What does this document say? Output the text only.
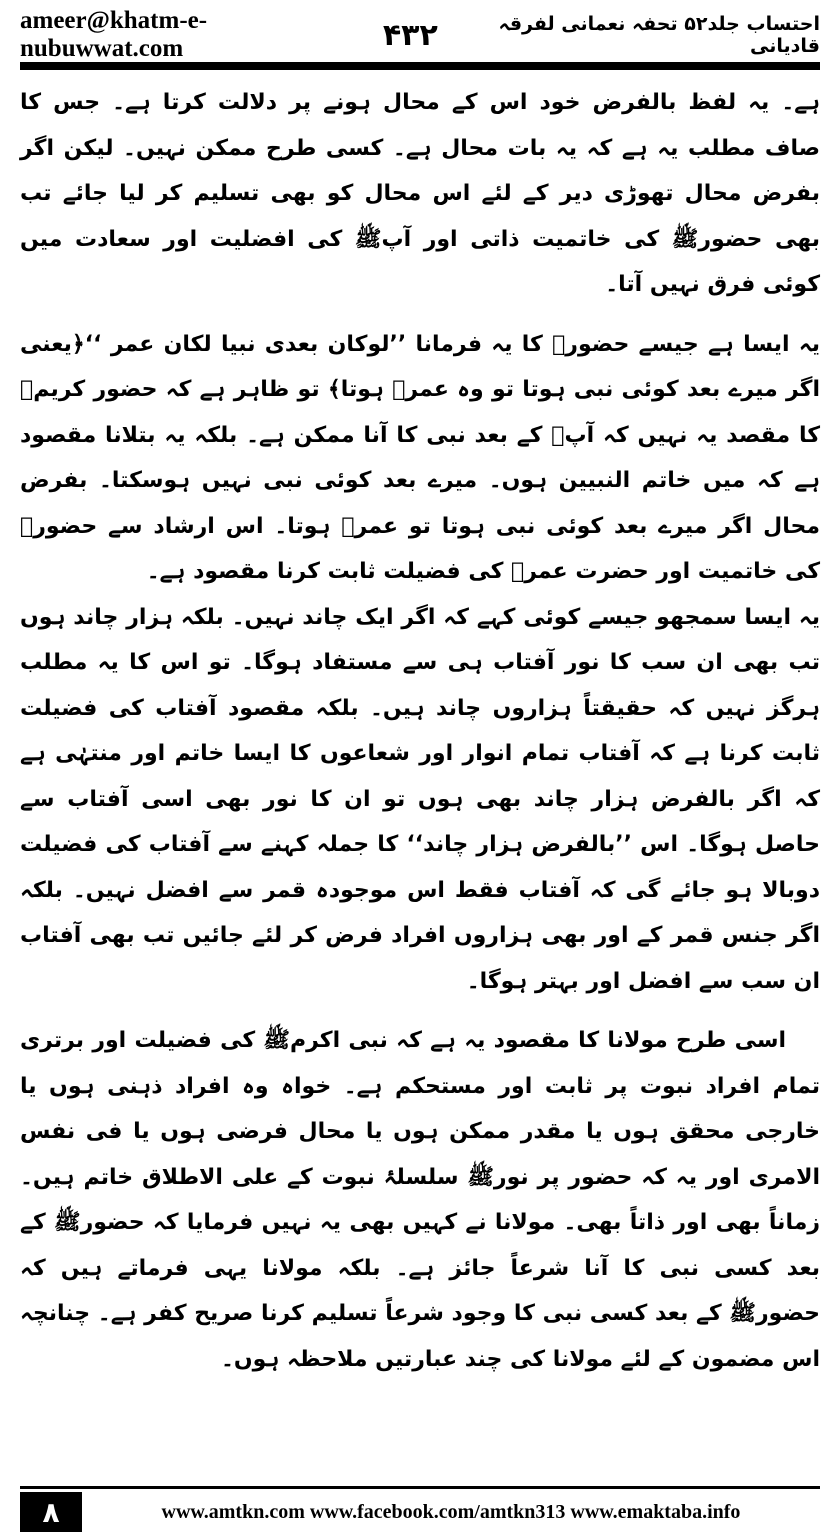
ameer@khatm-e-nubuwwat.com	۴۳۲	احتساب جلد۵۲ تحفہ نعمانی لفرقہ قادیانی

ہے۔ یہ لفظ بالفرض خود اس کے محال ہونے پر دلالت کرتا ہے۔ جس کا صاف مطلب یہ ہے کہ یہ بات محال ہے۔ کسی طرح ممکن نہیں۔ لیکن اگر بفرض محال تھوڑی دیر کے لئے اس محال کو بھی تسلیم کر لیا جائے تب بھی حضورﷺ کی خاتمیت ذاتی اور آپﷺ کی افضلیت اور سعادت میں کوئی فرق نہیں آتا۔

یہ ایسا ہے جیسے حضورﷺ کا یہ فرمانا ’’لوکان بعدی نبیا لکان عمر ‘‘﴿یعنی اگر میرے بعد کوئی نبی ہوتا تو وہ عمرؓ ہوتا﴾ تو ظاہر ہے کہ حضور کریمﷺ کا مقصد یہ نہیں کہ آپﷺ کے بعد نبی کا آنا ممکن ہے۔ بلکہ یہ بتلانا مقصود ہے کہ میں خاتم النبیین ہوں۔ میرے بعد کوئی نبی نہیں ہوسکتا۔ بفرض محال اگر میرے بعد کوئی نبی ہوتا تو عمرؓ ہوتا۔ اس ارشاد سے حضورﷺ کی خاتمیت اور حضرت عمرؓ کی فضیلت ثابت کرنا مقصود ہے۔

یہ ایسا سمجھو جیسے کوئی کہے کہ اگر ایک چاند نہیں۔ بلکہ ہزار چاند ہوں تب بھی ان سب کا نور آفتاب ہی سے مستفاد ہوگا۔ تو اس کا یہ مطلب ہرگز نہیں کہ حقیقتاً ہزاروں چاند ہیں۔ بلکہ مقصود آفتاب کی فضیلت ثابت کرنا ہے کہ آفتاب تمام انوار اور شعاعوں کا ایسا خاتم اور منتہٰی ہے کہ اگر بالفرض ہزار چاند بھی ہوں تو ان کا نور بھی اسی آفتاب سے حاصل ہوگا۔ اس ’’بالفرض ہزار چاند‘‘ کا جملہ کہنے سے آفتاب کی فضیلت دوبالا ہو جائے گی کہ آفتاب فقط اس موجودہ قمر سے افضل نہیں۔ بلکہ اگر جنس قمر کے اور بھی ہزاروں افراد فرض کر لئے جائیں تب بھی آفتاب ان سب سے افضل اور بہتر ہوگا۔

اسی طرح مولانا کا مقصود یہ ہے کہ نبی اکرمﷺ کی فضیلت اور برتری تمام افراد نبوت پر ثابت اور مستحکم ہے۔ خواہ وہ افراد ذہنی ہوں یا خارجی محقق ہوں یا مقدر ممکن ہوں یا محال فرضی ہوں یا فی نفس الامری اور یہ کہ حضور پر نورﷺ سلسلۂ نبوت کے علی الاطلاق خاتم ہیں۔ زماناً بھی اور ذاتاً بھی۔ مولانا نے کہیں بھی یہ نہیں فرمایا کہ حضورﷺ کے بعد کسی نبی کا آنا شرعاً جائز ہے۔ بلکہ مولانا یہی فرماتے ہیں کہ حضورﷺ کے بعد کسی نبی کا وجود شرعاً تسلیم کرنا صریح کفر ہے۔ چنانچہ اس مضمون کے لئے مولانا کی چند عبارتیں ملاحظہ ہوں۔

۸	www.amtkn.com www.facebook.com/amtkn313 www.emaktaba.info
